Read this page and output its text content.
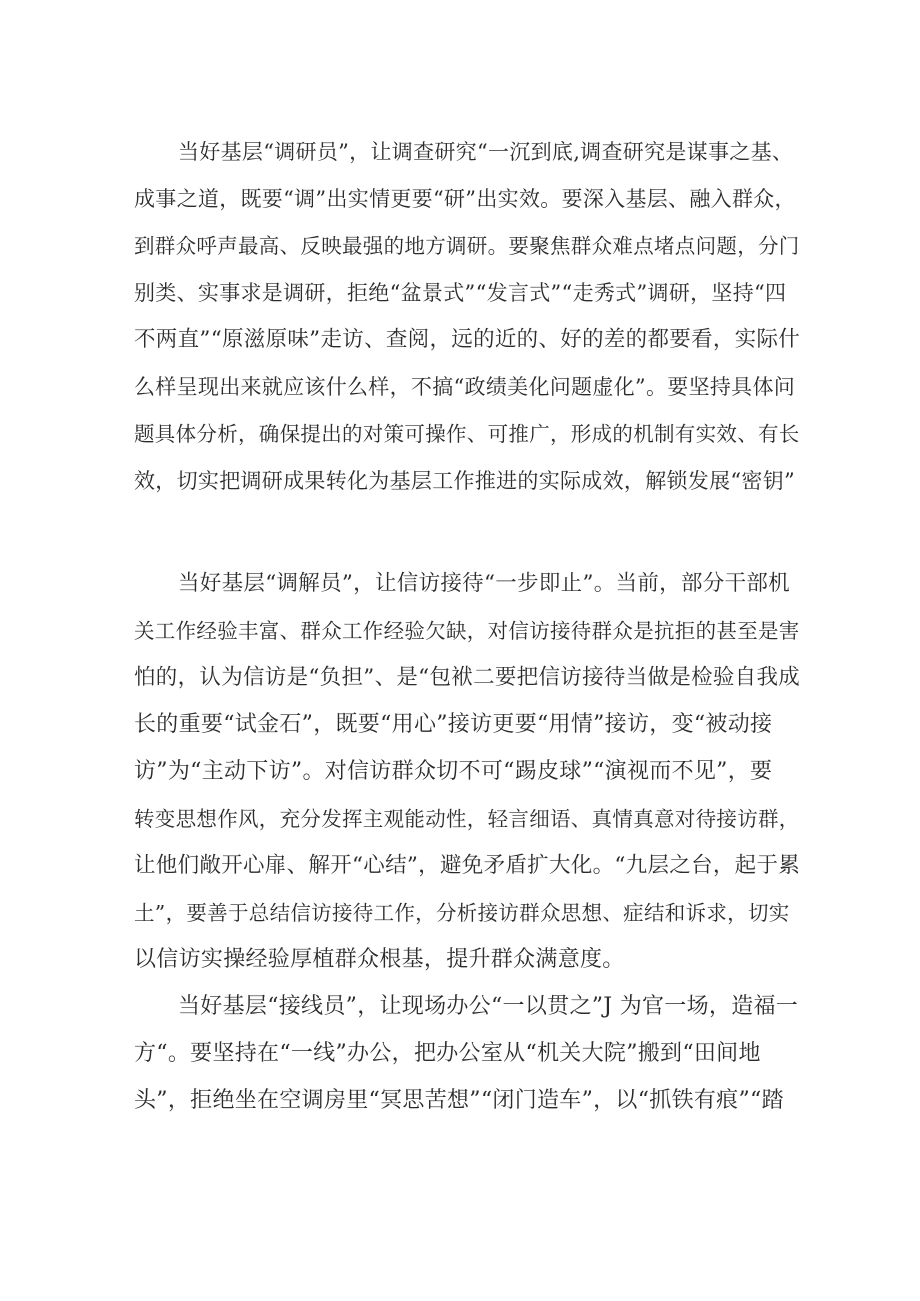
当好基层“调研员”，让调查研究“一沉到底,调查研究是谋事之基、
成事之道，既要“调”出实情更要“研”出实效。要深入基层、融入群众，
到群众呼声最高、反映最强的地方调研。要聚焦群众难点堵点问题，分门
别类、实事求是调研，拒绝“盆景式”“发言式”“走秀式”调研，坚持“四
不两直”“原滋原味”走访、查阅，远的近的、好的差的都要看，实际什
么样呈现出来就应该什么样，不搞“政绩美化问题虚化”。要坚持具体问
题具体分析，确保提出的对策可操作、可推广，形成的机制有实效、有长
效，切实把调研成果转化为基层工作推进的实际成效，解锁发展“密钥”
当好基层“调解员”，让信访接待“一步即止”。当前，部分干部机
关工作经验丰富、群众工作经验欠缺，对信访接待群众是抗拒的甚至是害
怕的，认为信访是“负担”、是“包袱二要把信访接待当做是检验自我成
长的重要“试金石”，既要“用心”接访更要“用情”接访，变“被动接
访”为“主动下访”。对信访群众切不可“踢皮球”“演视而不见”，要
转变思想作风，充分发挥主观能动性，轻言细语、真情真意对待接访群，
让他们敞开心扉、解开“心结”，避免矛盾扩大化。“九层之台，起于累
土”，要善于总结信访接待工作，分析接访群众思想、症结和诉求，切实
以信访实操经验厚植群众根基，提升群众满意度。
当好基层“接线员”，让现场办公“一以贯之”J 为官一场，造福一
方“。要坚持在“一线”办公，把办公室从“机关大院”搬到“田间地
头”，拒绝坐在空调房里“冥思苦想”“闭门造车”，以“抓铁有痕”“踏
